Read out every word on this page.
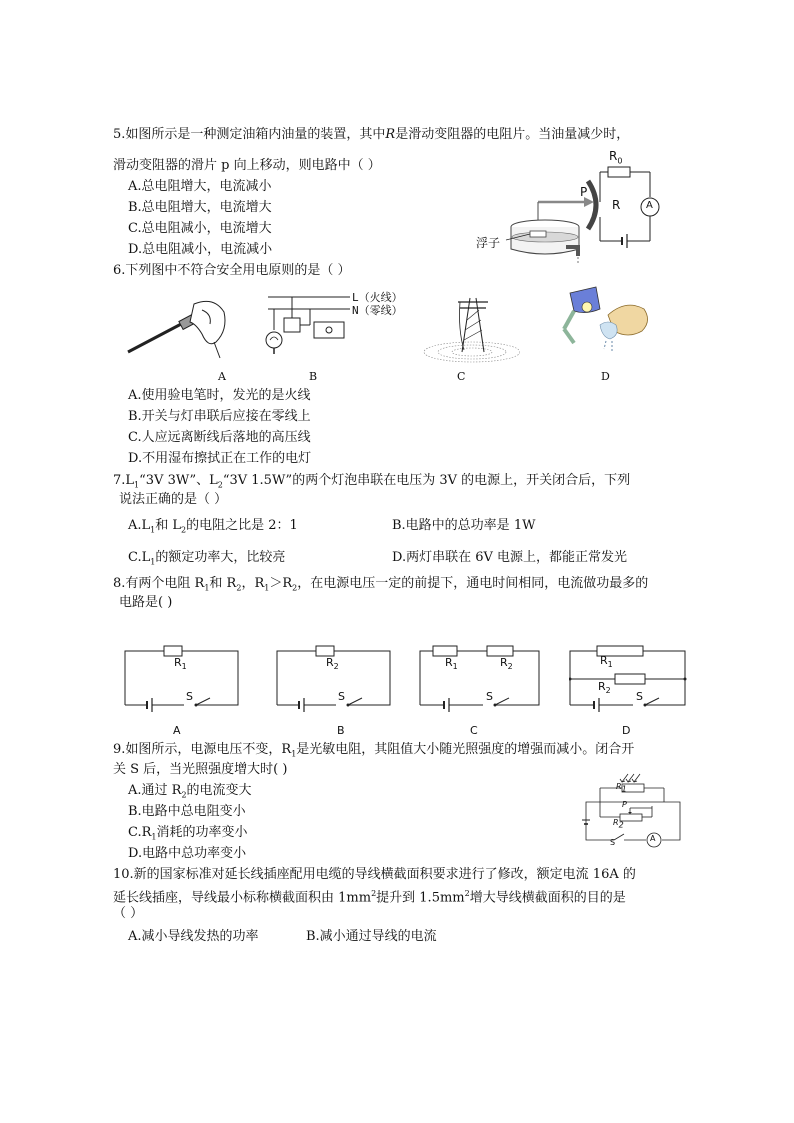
5.如图所示是一种测定油箱内油量的装置，其中R是滑动变阻器的电阻片。当油量减少时，
滑动变阻器的滑片 p 向上移动，则电路中（ ）
A.总电阻增大，电流减小
B.总电阻增大，电流增大
C.总电阻减小，电流增大
D.总电阻减小，电流减小
$R_0$
A
P
R
浮子
6.下列图中不符合安全用电原则的是（ ）
A
L（火线）
N（零线）
B	C	D
A.使用验电笔时，发光的是火线
B.开关与灯串联后应接在零线上
C.人应远离断线后落地的高压线
D.不用湿布擦拭正在工作的电灯
$7.L_1“3V$ 3W”、$L_2“3V$ 1.5W”的两个灯泡串联在电压为 3V 的电源上，开关闭合后，下列
说法正确的是（ ）
$A.L_1$和 $L_2$的电阻之比是 2：1	B.电路中的总功率是 1W
$C.L_1$的额定功率大，比较亮	D.两灯串联在 6V 电源上，都能正常发光
8.有两个电阻 $R_1$和 $R_2$，$R_1>R_2$，在电源电压一定的前提下，通电时间相同，电流做功最多的
电路是( )
$R_1$
S
A
$R_2$
S
B
$R_1$	$R_2$
S
C
$R_1$
$R_2$ S
D
9.如图所示，电源电压不变，$R_1$是光敏电阻，其阻值大小随光照强度的增强而减小。闭合开
关 S 后，当光照强度增大时( )
A.通过 $R_2$的电流变大
B.电路中总电阻变小
$C.R_1$消耗的功率变小
D.电路中总功率变小
$R_1$
P
$R_2$
S	A
10.新的国家标准对延长线插座配用电缆的导线横截面积要求进行了修改，额定电流 16A 的
延长线插座，导线最小标称横截面积由 $1mm^2$提升到 $1.5mm^2$增大导线横截面积的目的是
（ ）
A.减小导线发热的功率	B.减小通过导线的电流
